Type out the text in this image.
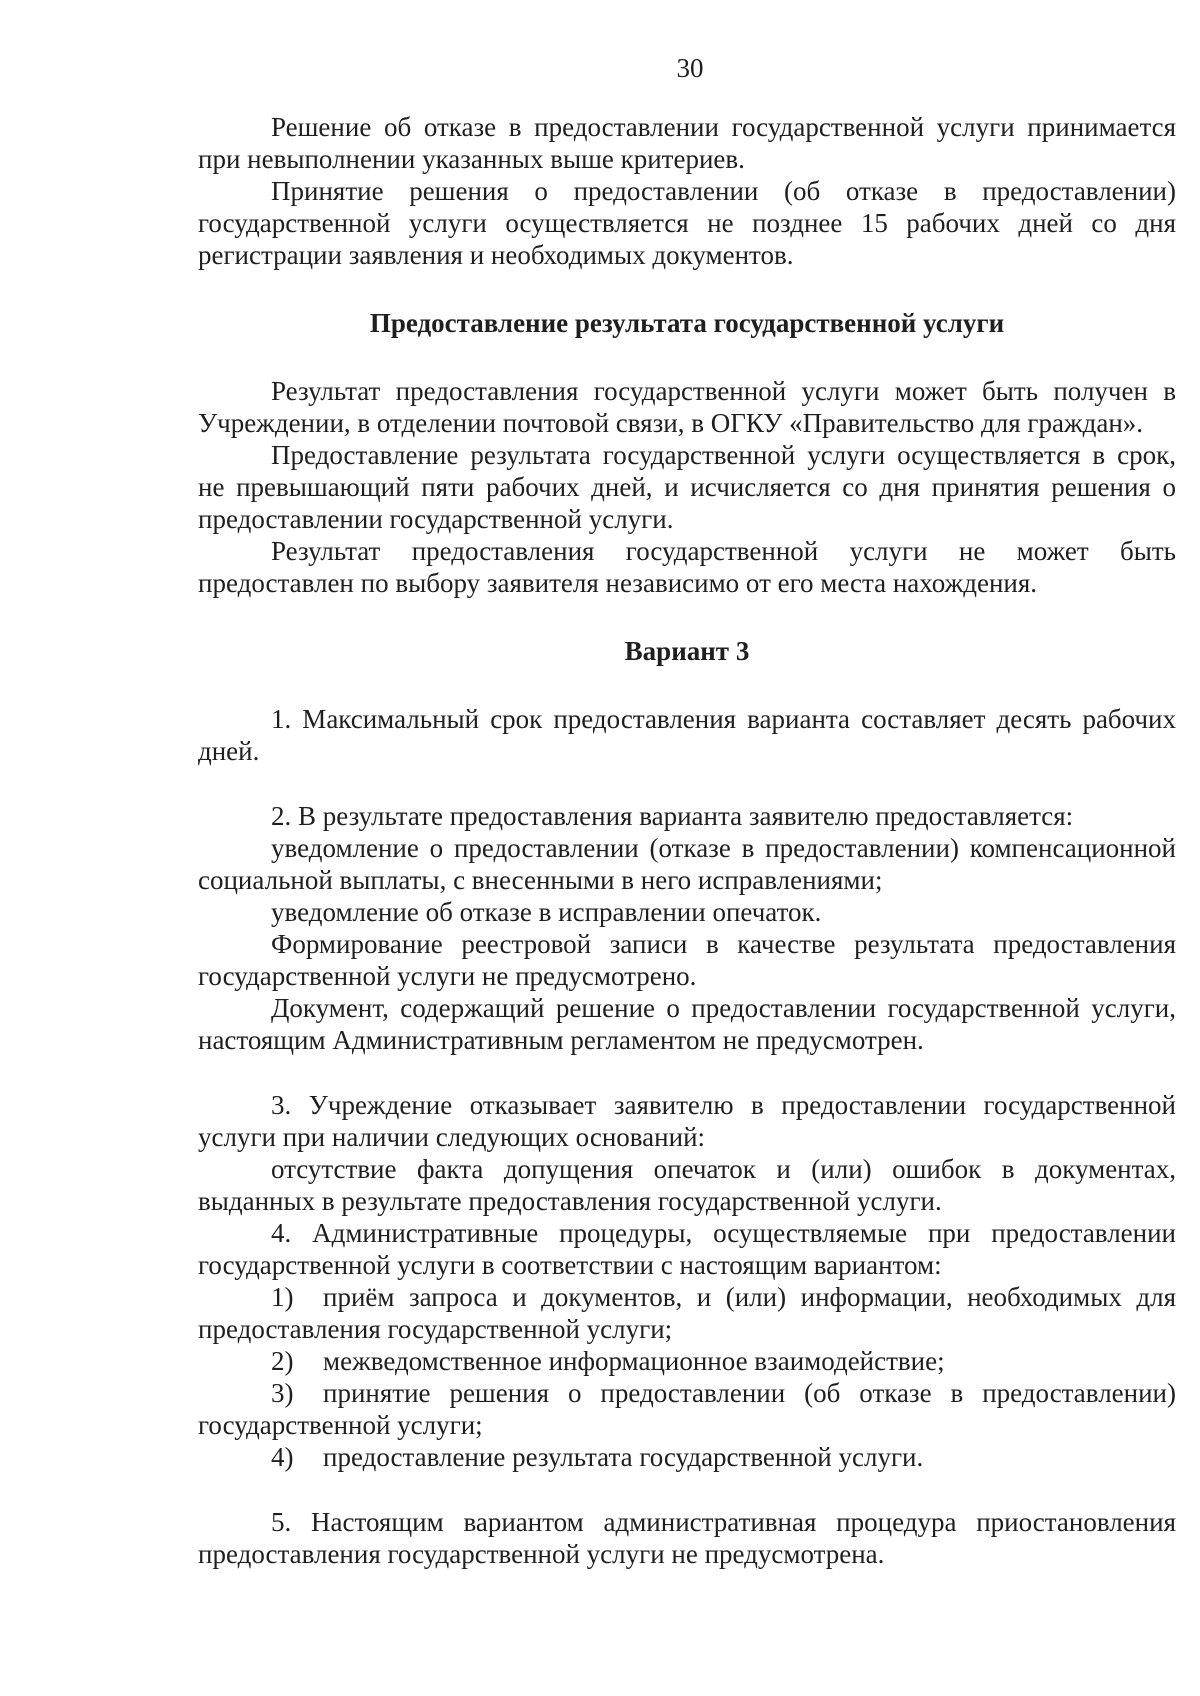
30

Решение об отказе в предоставлении государственной услуги принимается при невыполнении указанных выше критериев.

Принятие решения о предоставлении (об отказе в предоставлении) государственной услуги осуществляется не позднее 15 рабочих дней со дня регистрации заявления и необходимых документов.

Предоставление результата государственной услуги

Результат предоставления государственной услуги может быть получен в Учреждении, в отделении почтовой связи, в ОГКУ «Правительство для граждан».

Предоставление результата государственной услуги осуществляется в срок, не превышающий пяти рабочих дней, и исчисляется со дня принятия решения о предоставлении государственной услуги.

Результат предоставления государственной услуги не может быть предоставлен по выбору заявителя независимо от его места нахождения.

Вариант 3

1. Максимальный срок предоставления варианта составляет десять рабочих дней.

2. В результате предоставления варианта заявителю предоставляется:

уведомление о предоставлении (отказе в предоставлении) компенсационной социальной выплаты, с внесенными в него исправлениями;

уведомление об отказе в исправлении опечаток.

Формирование реестровой записи в качестве результата предоставления государственной услуги не предусмотрено.

Документ, содержащий решение о предоставлении государственной услуги, настоящим Административным регламентом не предусмотрен.

3. Учреждение отказывает заявителю в предоставлении государственной услуги при наличии следующих оснований:

отсутствие факта допущения опечаток и (или) ошибок в документах, выданных в результате предоставления государственной услуги.

4. Административные процедуры, осуществляемые при предоставлении государственной услуги в соответствии с настоящим вариантом:

1) приём запроса и документов, и (или) информации, необходимых для предоставления государственной услуги;

2) межведомственное информационное взаимодействие;

3) принятие решения о предоставлении (об отказе в предоставлении) государственной услуги;

4) предоставление результата государственной услуги.

5. Настоящим вариантом административная процедура приостановления предоставления государственной услуги не предусмотрена.
